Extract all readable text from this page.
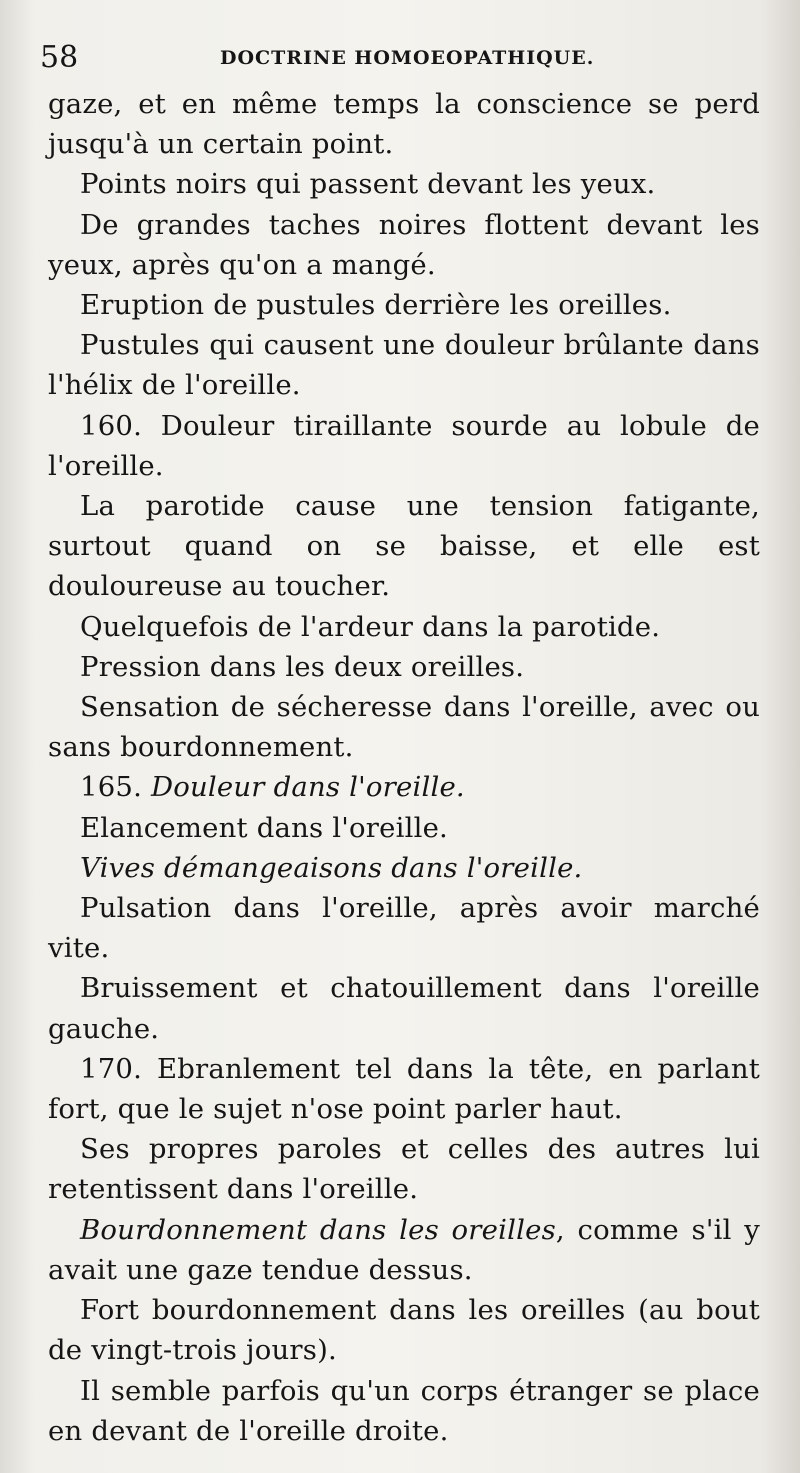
58	DOCTRINE HOMOEOPATHIQUE.

gaze, et en même temps la conscience se perd jusqu'à un certain point.

Points noirs qui passent devant les yeux.

De grandes taches noires flottent devant les yeux, après qu'on a mangé.

Eruption de pustules derrière les oreilles.

Pustules qui causent une douleur brûlante dans l'hélix de l'oreille.

160. Douleur tiraillante sourde au lobule de l'oreille.

La parotide cause une tension fatigante, surtout quand on se baisse, et elle est douloureuse au toucher.

Quelquefois de l'ardeur dans la parotide.

Pression dans les deux oreilles.

Sensation de sécheresse dans l'oreille, avec ou sans bourdonnement.

165. Douleur dans l'oreille.

Elancement dans l'oreille.

Vives démangeaisons dans l'oreille.

Pulsation dans l'oreille, après avoir marché vite.

Bruissement et chatouillement dans l'oreille gauche.

170. Ebranlement tel dans la tête, en parlant fort, que le sujet n'ose point parler haut.

Ses propres paroles et celles des autres lui retentissent dans l'oreille.

Bourdonnement dans les oreilles, comme s'il y avait une gaze tendue dessus.

Fort bourdonnement dans les oreilles (au bout de vingt-trois jours).

Il semble parfois qu'un corps étranger se place en devant de l'oreille droite.
